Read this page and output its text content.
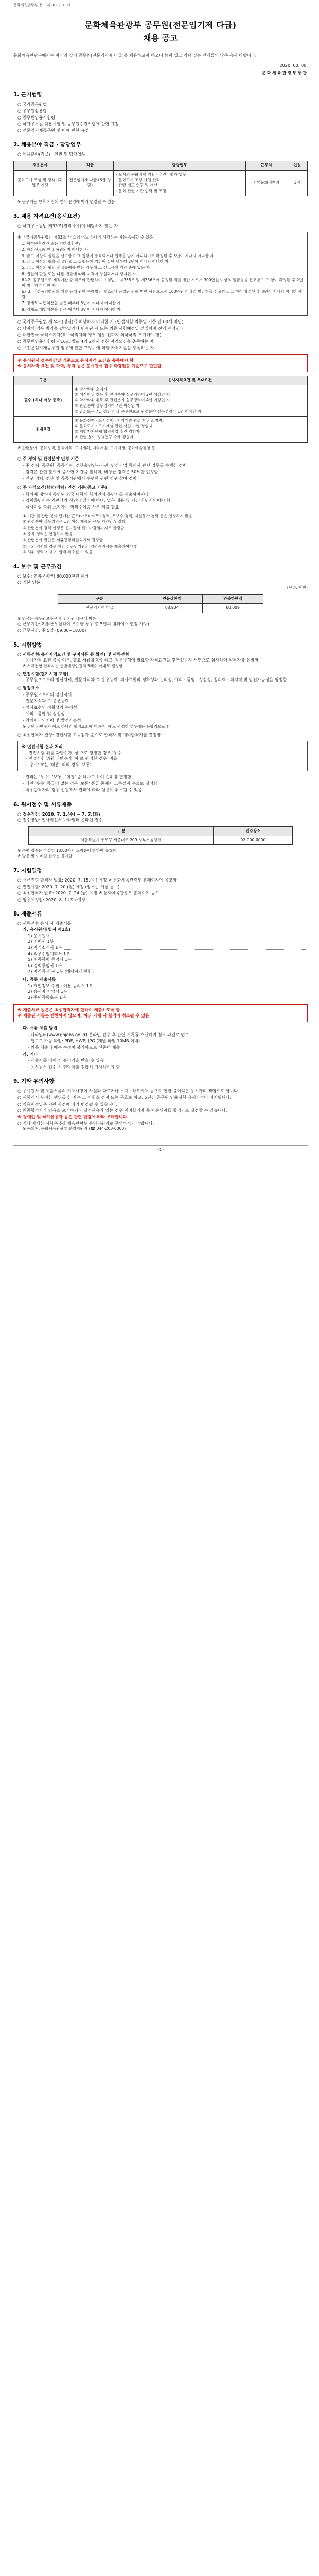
문화체육관광부 공고 제2020 - 00호
문화체육관광부 공무원(전문임기제 다급)
채용 공고

문화체육관광부에서는 아래와 같이 공무원(전문임기제 다급)을 채용하고자 하오니 능력 있고 역량 있는 인재들의 많은 응시 바랍니다.

2020. 00. 00.
문화체육관광부장관
1. 근거법령
○ 국가공무원법
○ 공무원임용령
○ 공무원임용시험령
○ 국가공무원 임용시험 및 공무원승진시험에 관한 규정
○ 전문임기제공무원 및 이에 관한 규정
2. 채용분야 직급 · 담당업무
○ 채용분야(직급) · 인원 및 담당업무
채용분야	직급	담당업무	근무처	인원
문화도시 조성 및 정책기획 업무 지원	전문임기제 다급 (6급 상당)	- 도시의 문화정책 기획 · 추진 · 평가 업무
- 문화도시 조성 사업 관리
- 관련 제도 연구 및 개선
- 문화 관련 기관 협력 및 조정	지역문화정책과	1명
※ 근무처는 향후 기관의 인사 운영에 따라 변경될 수 있음
3. 채용 자격요건(응시요건)
○ 국가공무원법 제33조(결격사유)에 해당하지 않는 자
※ 「국가공무원법」 제33조 각 호의 어느 하나에 해당하는 자는 응시할 수 없음
1. 피성년후견인 또는 피한정후견인
2. 파산선고를 받고 복권되지 아니한 자
3. 금고 이상의 실형을 선고받고 그 집행이 종료되거나 집행을 받지 아니하기로 확정된 후 5년이 지나지 아니한 자
4. 금고 이상의 형을 선고받고 그 집행유예 기간이 끝난 날부터 2년이 지나지 아니한 자
5. 금고 이상의 형의 선고유예를 받은 경우에 그 선고유예 기간 중에 있는 자
6. 법원의 판결 또는 다른 법률에 따라 자격이 상실되거나 정지된 자
6의2. 공무원으로 재직기간 중 직무와 관련하여 「형법」 제355조 및 제356조에 규정된 죄를 범한 자로서 300만원 이상의 벌금형을 선고받고 그 형이 확정된 후 2년이 지나지 아니한 자
6의3. 「성폭력범죄의 처벌 등에 관한 특례법」 제2조에 규정된 죄를 범한 사람으로서 100만원 이상의 벌금형을 선고받고 그 형이 확정된 후 3년이 지나지 아니한 사람
7. 징계로 파면처분을 받은 때부터 5년이 지나지 아니한 자
8. 징계로 해임처분을 받은 때부터 3년이 지나지 아니한 자
○ 국가공무원법 제74조(정년)에 해당하지 아니한 자 (면접시험 최종일 기준 만 60세 미만)
○ 남자의 경우 병역을 필하였거나 면제된 자 또는 최종 시험예정일 전일까지 전역 예정인 자
○ 대한민국 국적소지자(복수국적자의 경우 임용 전까지 외국국적 포기해야 함)
○ 공무원임용시험령 제16조 별표 4의 2에서 정한 자격요건을 충족하는 자
○ 「전문임기제공무원 임용에 관한 규정」에 의한 자격기준을 충족하는 자
※ 응시원서 접수마감일 기준으로 응시자격 요건을 충족해야 함
※ 응시자격 요건 및 학력, 경력 등은 응시원서 접수 마감일을 기준으로 판단함
구분	응시자격요건 및 우대요건
필수 (하나 이상 충족)	① 박사학위 소지자
② 석사학위 취득 후 관련분야 실무경력이 2년 이상인 자
③ 학사학위 취득 후 관련분야 실무경력이 4년 이상인 자
④ 관련분야 실무경력이 7년 이상인 자
⑤ 7급 또는 7급 상당 이상 공무원으로 관련분야 실무경력이 1년 이상인 자
우대요건	① 문화정책 · 도시정책 · 지역개발 관련 학위 소지자
② 문화도시 · 도시재생 관련 사업 수행 경험자
③ 지방자치단체 협력사업 추진 경험자
④ 관련 분야 정책연구 수행 경험자
※ 관련분야: 문화정책, 문화기획, 도시계획, 지역개발, 도시재생, 문화예술경영 등
○ 주 경력 및 관련분야 인정 기준
- 주 경력: 공무원, 공공기관, 정부출연연구기관, 민간기업 등에서 관련 업무를 수행한 경력
- 경력은 관련 분야에 종사한 기간을 말하며, 비상근 경력은 50%만 인정함
- 연구 경력: 정부 및 공공기관에서 수행한 관련 연구 참여 경력
○ 주 자격요건(학력/경력) 인정 기준(공고 기준)
- 학위에 대하여 공인된 외국 대학의 학위인정 증명서를 제출하여야 함
- 경력증명서는 기관장의 직인이 있어야 하며, 업무 내용 및 기간이 명시되어야 함
- 석사이상 학위 소지자는 학위수여증 사본 제출 필요
① 기관 및 관련 분야 단기간 근로(아르바이트) 경력, 무보수 경력, 자원봉사 경력 등은 인정하지 않음
② 관련분야 실무경력은 1년 이상 계속된 근무 기간만 인정함
③ 관련분야 경력 산정은 응시원서 접수마감일까지로 산정함
④ 중복 경력은 인정하지 않음
⑤ 관련분야 판단은 서류전형위원회에서 결정함
⑥ 국외 경력의 경우 해당국 공인기관의 경력증명서를 제출하여야 함
⑦ 허위 경력 기재 시 합격 취소될 수 있음
4. 보수 및 근무조건
○ 보수: 연봉 하한액 60,000천원 이상
○ 기본 연봉
(단위: 천원)
구분	연봉상한액	연봉하한액
전문임기제 다급	88,904	60,009
※ 연봉은 공무원보수규정 및 기관 내규에 따름
○ 근무기간: 2년(근무실적이 우수한 경우 총 5년의 범위에서 연장 가능)
○ 근무시간: 주 5일 (09:00~18:00)
5. 시험방법
○ 서류전형(응시자격요건 및 구비서류 등 확인) 및 서류전형
- 응시자격 요건 충족 여부, 필요 서류를 확인하고, 직무수행에 필요한 자격요건을 갖추었는지 서면으로 심사하여 적격자를 선발함
※ 서류전형 합격자는 선발예정인원의 5배수 이내로 결정함
○ 면접시험(필기시험 포함)
- 공무원으로서의 정신자세, 전문지식과 그 응용능력, 의사표현의 정확성과 논리성, 예의 · 품행 · 성실성, 창의력 · 의지력 및 발전가능성을 평정함
○ 평정요소
- 공무원으로서의 정신자세
- 전문지식과 그 응용능력
- 의사표현의 정확성과 논리성
- 예의 · 품행 및 성실성
- 창의력 · 의지력 및 발전가능성
※ 위원 과반수가 어느 하나의 평정요소에 대하여 '하'로 평정한 경우에는 불합격으로 함
○ 최종합격자 결정: 면접시험 고득점자 순으로 합격자 및 예비합격자를 결정함
※ 면접시험 결과 처리
- 면접시험 위원 과반수가 '상'으로 평정한 경우 '우수'
- 면접시험 위원 과반수가 '하'로 평정한 경우 '미흡'
- '우수' 또는 '미흡' 외의 경우 '보통'
- 결과는 '우수', '보통', '미흡' 중 하나로 하여 순위를 결정함
- 다만 '우수' 등급이 없는 경우 '보통' 등급 중에서 고득점자 순으로 결정함
- 최종합격자의 경우 신원조사 결과에 따라 임용이 취소될 수 있음
6. 원서접수 및 서류제출
○ 접수기간: 2020. 7. 1.(수) ~ 7. 7.(화)
○ 접수방법: 인사혁신처 나라일터 온라인 접수
구 분	접수장소
서울특별시 종로구 세종대로 209 정부서울청사	02-000-0000
※ 우편 접수는 마감일 18:00까지 도착분에 한하여 유효함
※ 방문 및 이메일 접수는 불가함
7. 시험일정
○ 서류전형 합격자 발표: 2020. 7. 15.(수) 예정 ※ 문화체육관광부 홈페이지에 공고함
○ 면접시험: 2020. 7. 20.(월) 예정 (장소는 개별 통보)
○ 최종합격자 발표: 2020. 7. 24.(금) 예정 ※ 문화체육관광부 홈페이지 공고
○ 임용예정일: 2020. 8. 1.(토) 예정
8. 제출서류
○ 서류전형 응시 시 제출서류
가. 응시원서(별지 제1호)
1) 응시원서
2) 이력서 1부
3) 자기소개서 1부
4) 직무수행계획서 1부
5) 최종학력 증명서 1부
6) 경력증명서 1부
7) 자격증 사본 1부 (해당자에 한함)
나. 공통 제출서류
1) 개인정보 수집 · 이용 동의서 1부
2) 응시자 서약서 1부
3) 주민등록초본 1부
※ 제출서류 원본은 최종합격자에 한하여 제출하도록 함
※ 제출된 서류는 반환하지 않으며, 허위 기재 시 합격이 취소될 수 있음
다. 서류 제출 방법
- 나라일터(www.gojobs.go.kr) 온라인 접수 후 관련 서류를 스캔하여 첨부 파일로 업로드
- 업로드 가능 파일: PDF, HWP, JPG (개별 파일 10MB 이내)
- 최종 제출 후에는 수정이 불가하므로 신중히 제출
라. 기타
- 제출서류 미비 시 불이익을 받을 수 있음
- 응시원서 접수 시 연락처를 정확히 기재하여야 함
9. 기타 유의사항
○ 응시원서 및 제출서류의 기재사항이 사실과 다르거나 누락 · 착오기재 등으로 인한 불이익은 응시자의 책임으로 합니다.
○ 시험에서 부정한 행위를 한 자는 그 시험을 정지 또는 무효로 하고, 5년간 공무원 임용시험 응시자격이 정지됩니다.
○ 임용예정일은 기관 사정에 따라 변경될 수 있습니다.
○ 최종합격자가 임용을 포기하거나 결격사유가 있는 경우 예비합격자 중 차순위자를 합격자로 결정할 수 있습니다.
※ 장애인 및 국가유공자 등은 관련 법령에 따라 우대합니다.
○ 기타 자세한 사항은 문화체육관광부 운영지원과로 문의하시기 바랍니다.
※ 문의처: 문화체육관광부 운영지원과 (☎ 044-203-0000)
- 1 -
